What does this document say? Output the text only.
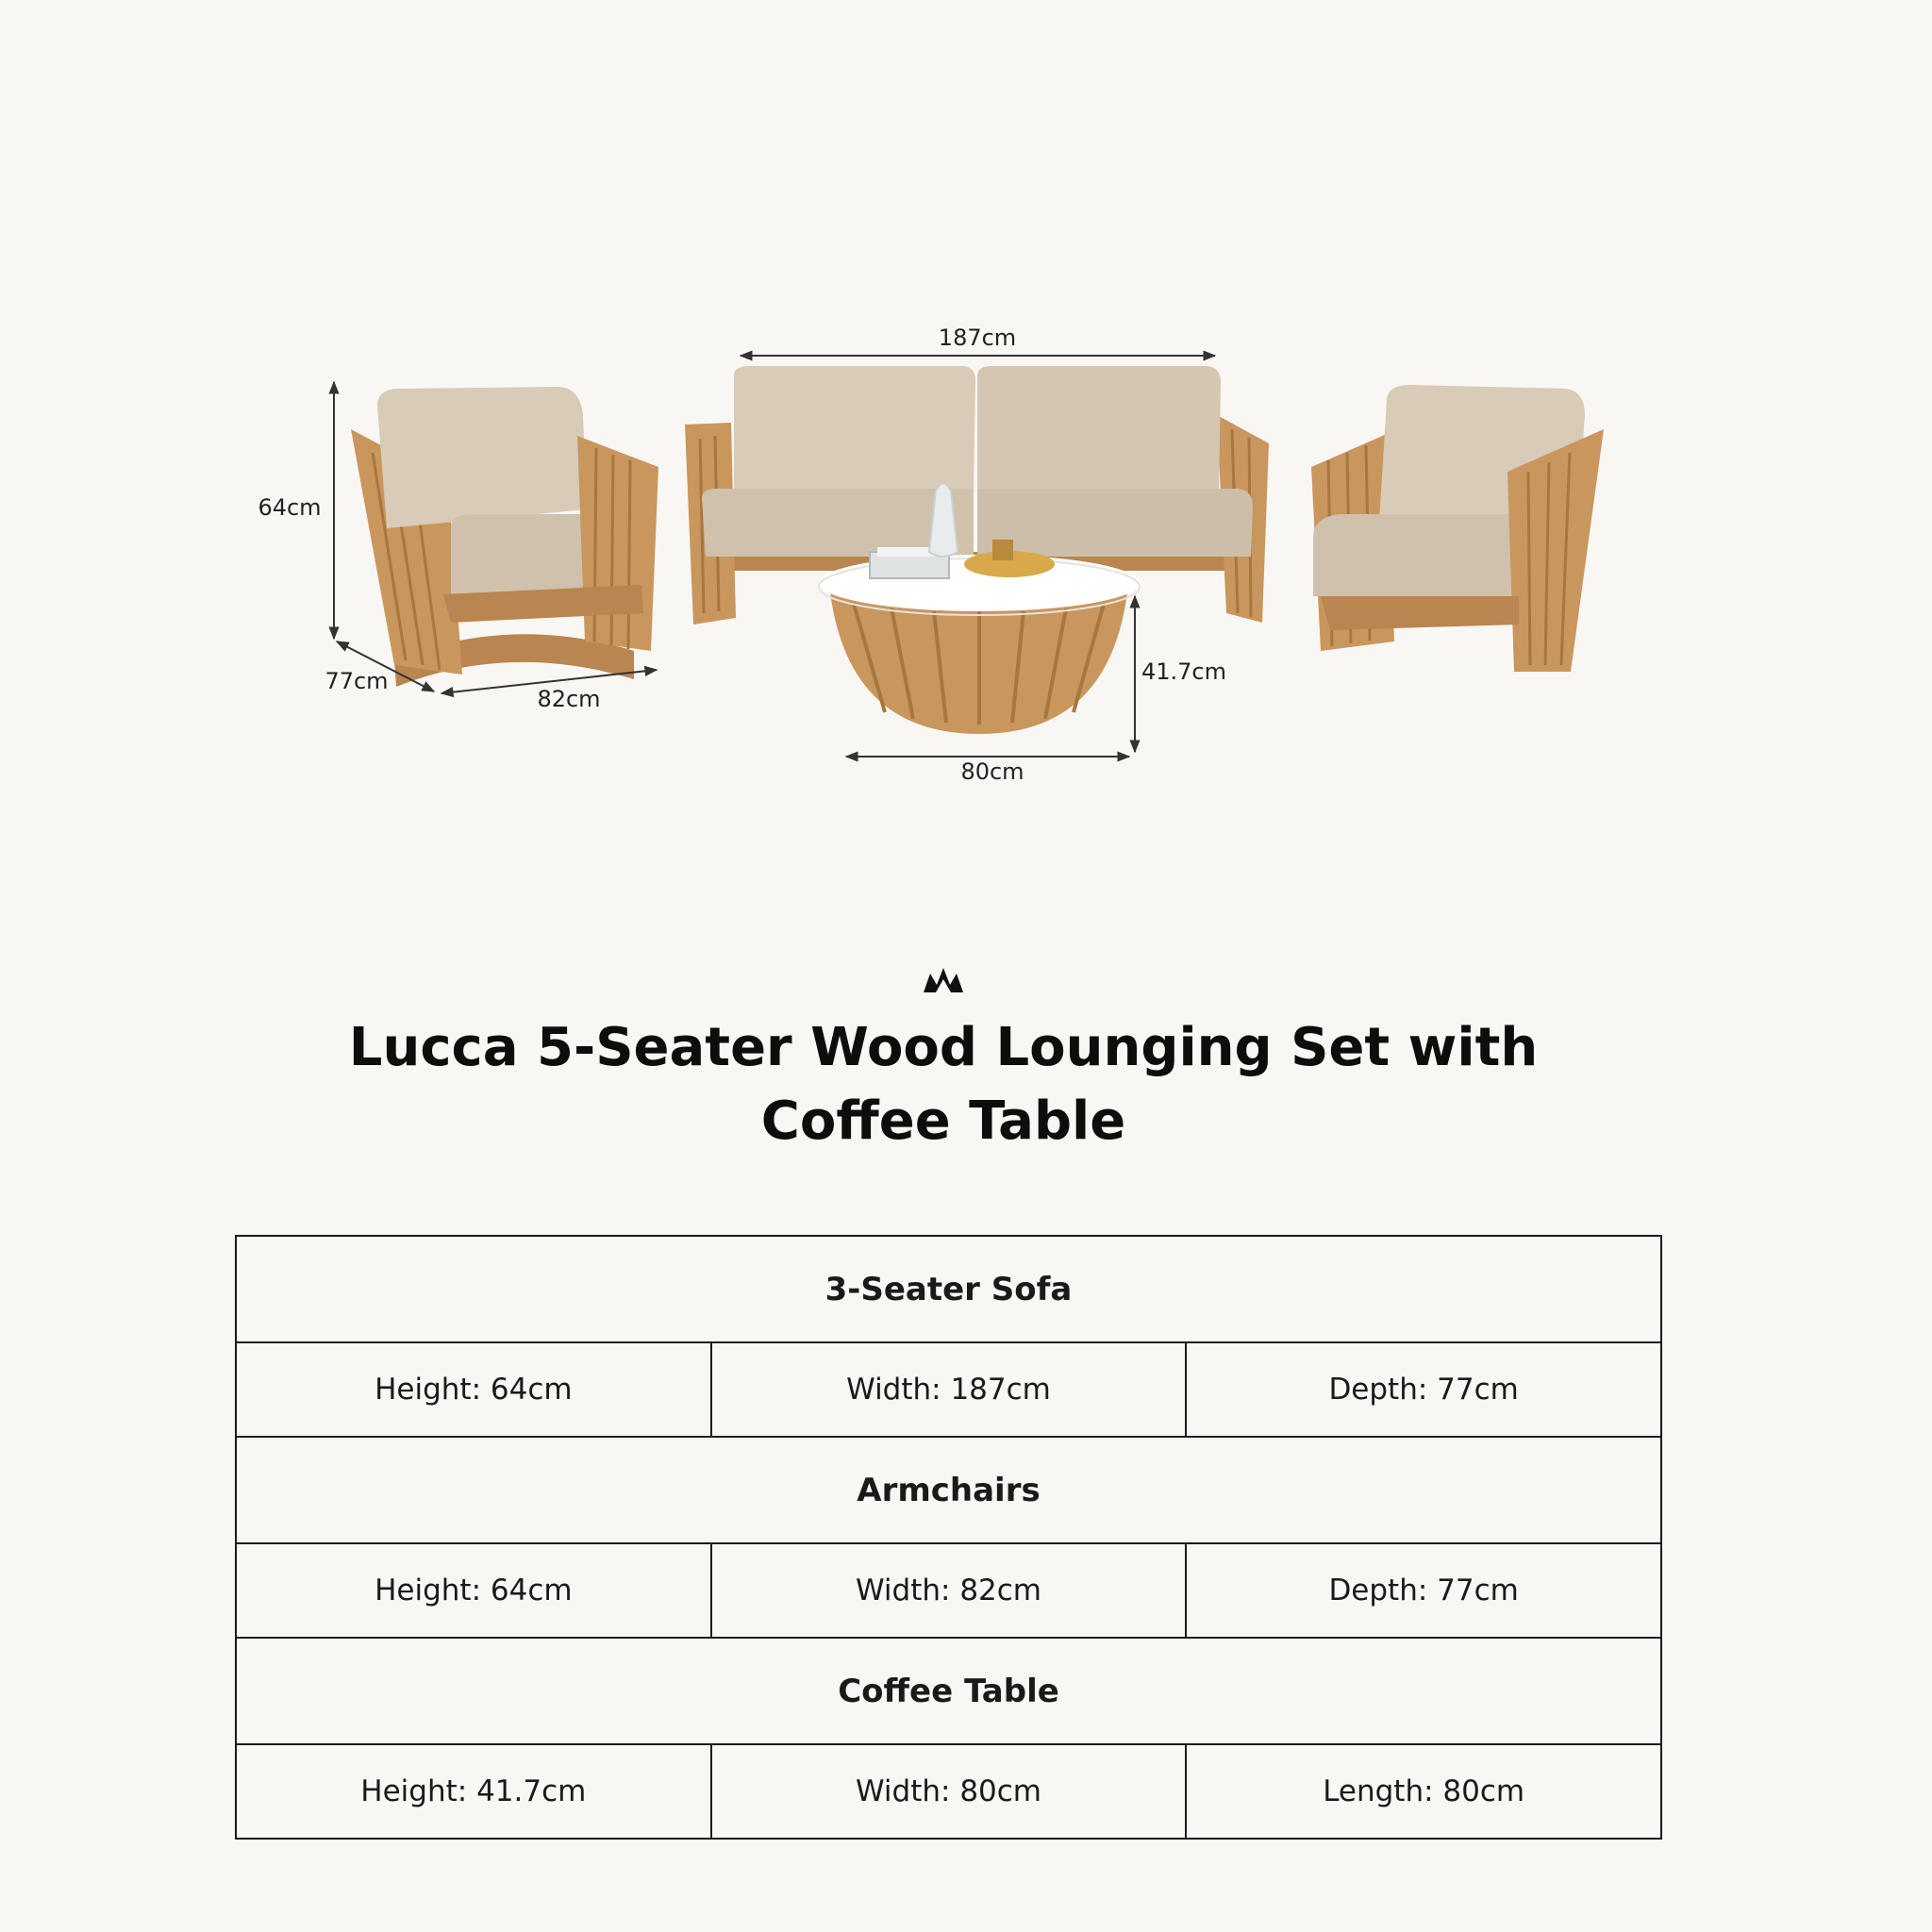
187cm
64cm
77cm
82cm
41.7cm
80cm
Lucca 5-Seater Wood Lounging Set with Coffee Table
3-Seater Sofa		
Height: 64cm	Width: 187cm	Depth: 77cm
Armchairs		
Height: 64cm	Width: 82cm	Depth: 77cm
Coffee Table		
Height: 41.7cm	Width: 80cm	Length: 80cm
